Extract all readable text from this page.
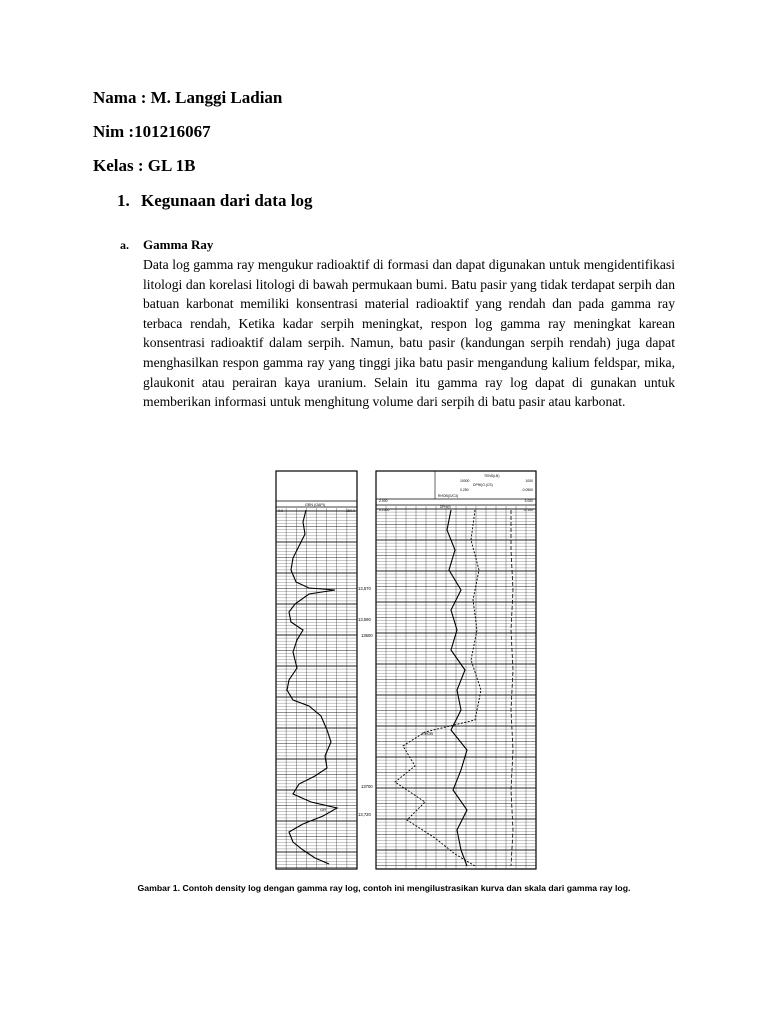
Nama : M. Langgi Ladian

Nim :101216067

Kelas : GL 1B

1. Kegunaan dari data log

a. Gamma Ray

Data log gamma ray mengukur radioaktif di formasi dan dapat digunakan untuk mengidentifikasi litologi dan korelasi litologi di bawah permukaan bumi. Batu pasir yang tidak terdapat serpih dan batuan karbonat memiliki konsentrasi material radioaktif yang rendah dan pada gamma ray terbaca rendah, Ketika kadar serpih meningkat, respon log gamma ray meningkat karean konsentrasi radioaktif dalam serpih. Namun, batu pasir (kandungan serpih rendah) juga dapat menghasilkan respon gamma ray yang tinggi jika batu pasir mengandung kalium feldspar, mika, glaukonit atau perairan kaya uranium. Selain itu gamma ray log dapat di gunakan untuk memberikan informasi untuk menghitung volume dari serpih di batu pasir atau karbonat.

GRN (GAPI)
0.0	150.0
GR
13,570
13,590
13600
13700
13,720
TENS(LB)
10000	1000
DPHI(O.(CS)
0.250	-0.0500
RHOB(G/C3)
2.000	3.000
DPHI(I)
0.2500	-0.100
RHOB

Gambar 1. Contoh density log dengan gamma ray log, contoh ini mengilustrasikan kurva dan skala dari gamma ray log.
